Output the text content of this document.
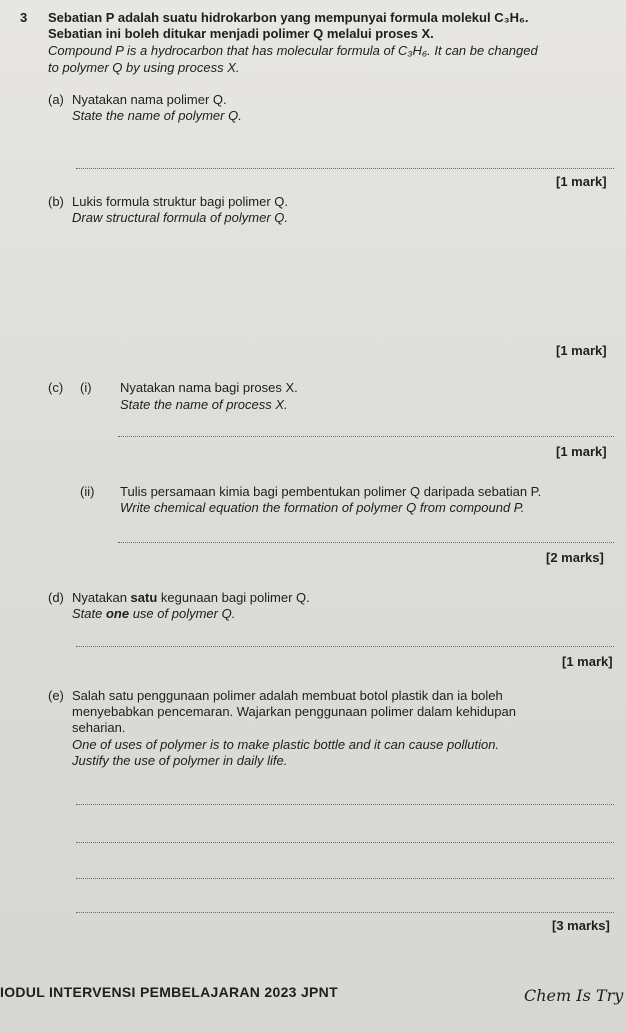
3 Sebatian P adalah suatu hidrokarbon yang mempunyai formula molekul C₃H₆.
Sebatian ini boleh ditukar menjadi polimer Q melalui proses X.
Compound P is a hydrocarbon that has molecular formula of C₃H₆. It can be changed
to polymer Q by using process X.
(a) Nyatakan nama polimer Q.
State the name of polymer Q.
[1 mark]
(b) Lukis formula struktur bagi polimer Q.
Draw structural formula of polymer Q.
[1 mark]
(c) (i) Nyatakan nama bagi proses X.
State the name of process X.
[1 mark]
(ii) Tulis persamaan kimia bagi pembentukan polimer Q daripada sebatian P.
Write chemical equation the formation of polymer Q from compound P.
[2 marks]
(d) Nyatakan satu kegunaan bagi polimer Q.
State one use of polymer Q.
[1 mark]
(e) Salah satu penggunaan polimer adalah membuat botol plastik dan ia boleh
menyebabkan pencemaran. Wajarkan penggunaan polimer dalam kehidupan
seharian.
One of uses of polymer is to make plastic bottle and it can cause pollution.
Justify the use of polymer in daily life.
[3 marks]
IODUL INTERVENSI PEMBELAJARAN 2023 JPNT	Chem Is Try
